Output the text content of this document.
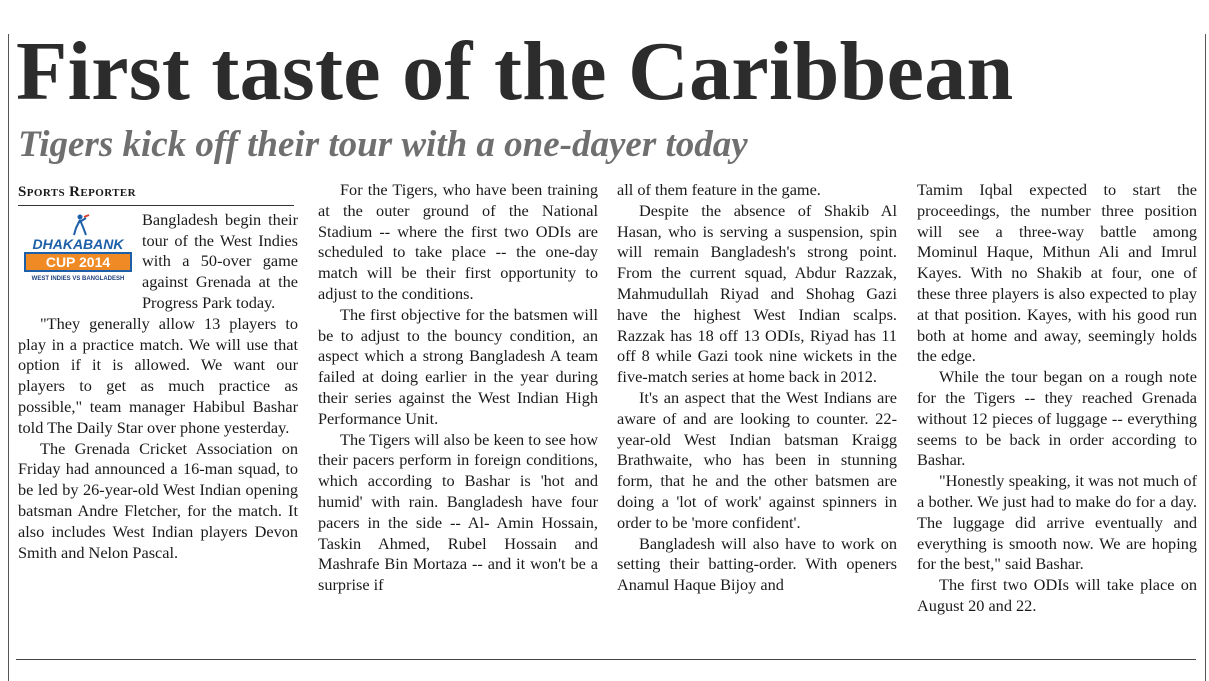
First taste of the Caribbean
Tigers kick off their tour with a one-dayer today
Sports Reporter
DHAKABANK
CUP 2014
WEST INDIES VS BANGLADESH

Bangladesh begin their tour of the West Indies with a 50-over game against Grenada at the Progress Park today.

"They generally allow 13 players to play in a practice match. We will use that option if it is allowed. We want our players to get as much practice as possible," team manager Habibul Bashar told The Daily Star over phone yesterday.

The Grenada Cricket Association on Friday had announced a 16-man squad, to be led by 26-year-old West Indian opening batsman Andre Fletcher, for the match. It also includes West Indian players Devon Smith and Nelon Pascal.

For the Tigers, who have been training at the outer ground of the National Stadium -- where the first two ODIs are scheduled to take place -- the one-day match will be their first opportunity to adjust to the conditions.

The first objective for the batsmen will be to adjust to the bouncy condition, an aspect which a strong Bangladesh A team failed at doing earlier in the year during their series against the West Indian High Performance Unit.

The Tigers will also be keen to see how their pacers perform in foreign conditions, which according to Bashar is 'hot and humid' with rain. Bangladesh have four pacers in the side -- Al- Amin Hossain, Taskin Ahmed, Rubel Hossain and Mashrafe Bin Mortaza -- and it won't be a surprise if

all of them feature in the game.

Despite the absence of Shakib Al Hasan, who is serving a suspension, spin will remain Bangladesh's strong point. From the current squad, Abdur Razzak, Mahmudullah Riyad and Shohag Gazi have the highest West Indian scalps. Razzak has 18 off 13 ODIs, Riyad has 11 off 8 while Gazi took nine wickets in the five-match series at home back in 2012.

It's an aspect that the West Indians are aware of and are looking to counter. 22-year-old West Indian batsman Kraigg Brathwaite, who has been in stunning form, that he and the other batsmen are doing a 'lot of work' against spinners in order to be 'more confident'.

Bangladesh will also have to work on setting their batting-order. With openers Anamul Haque Bijoy and

Tamim Iqbal expected to start the proceedings, the number three position will see a three-way battle among Mominul Haque, Mithun Ali and Imrul Kayes. With no Shakib at four, one of these three players is also expected to play at that position. Kayes, with his good run both at home and away, seemingly holds the edge.

While the tour began on a rough note for the Tigers -- they reached Grenada without 12 pieces of luggage -- everything seems to be back in order according to Bashar.

"Honestly speaking, it was not much of a bother. We just had to make do for a day. The luggage did arrive eventually and everything is smooth now. We are hoping for the best," said Bashar.

The first two ODIs will take place on August 20 and 22.
